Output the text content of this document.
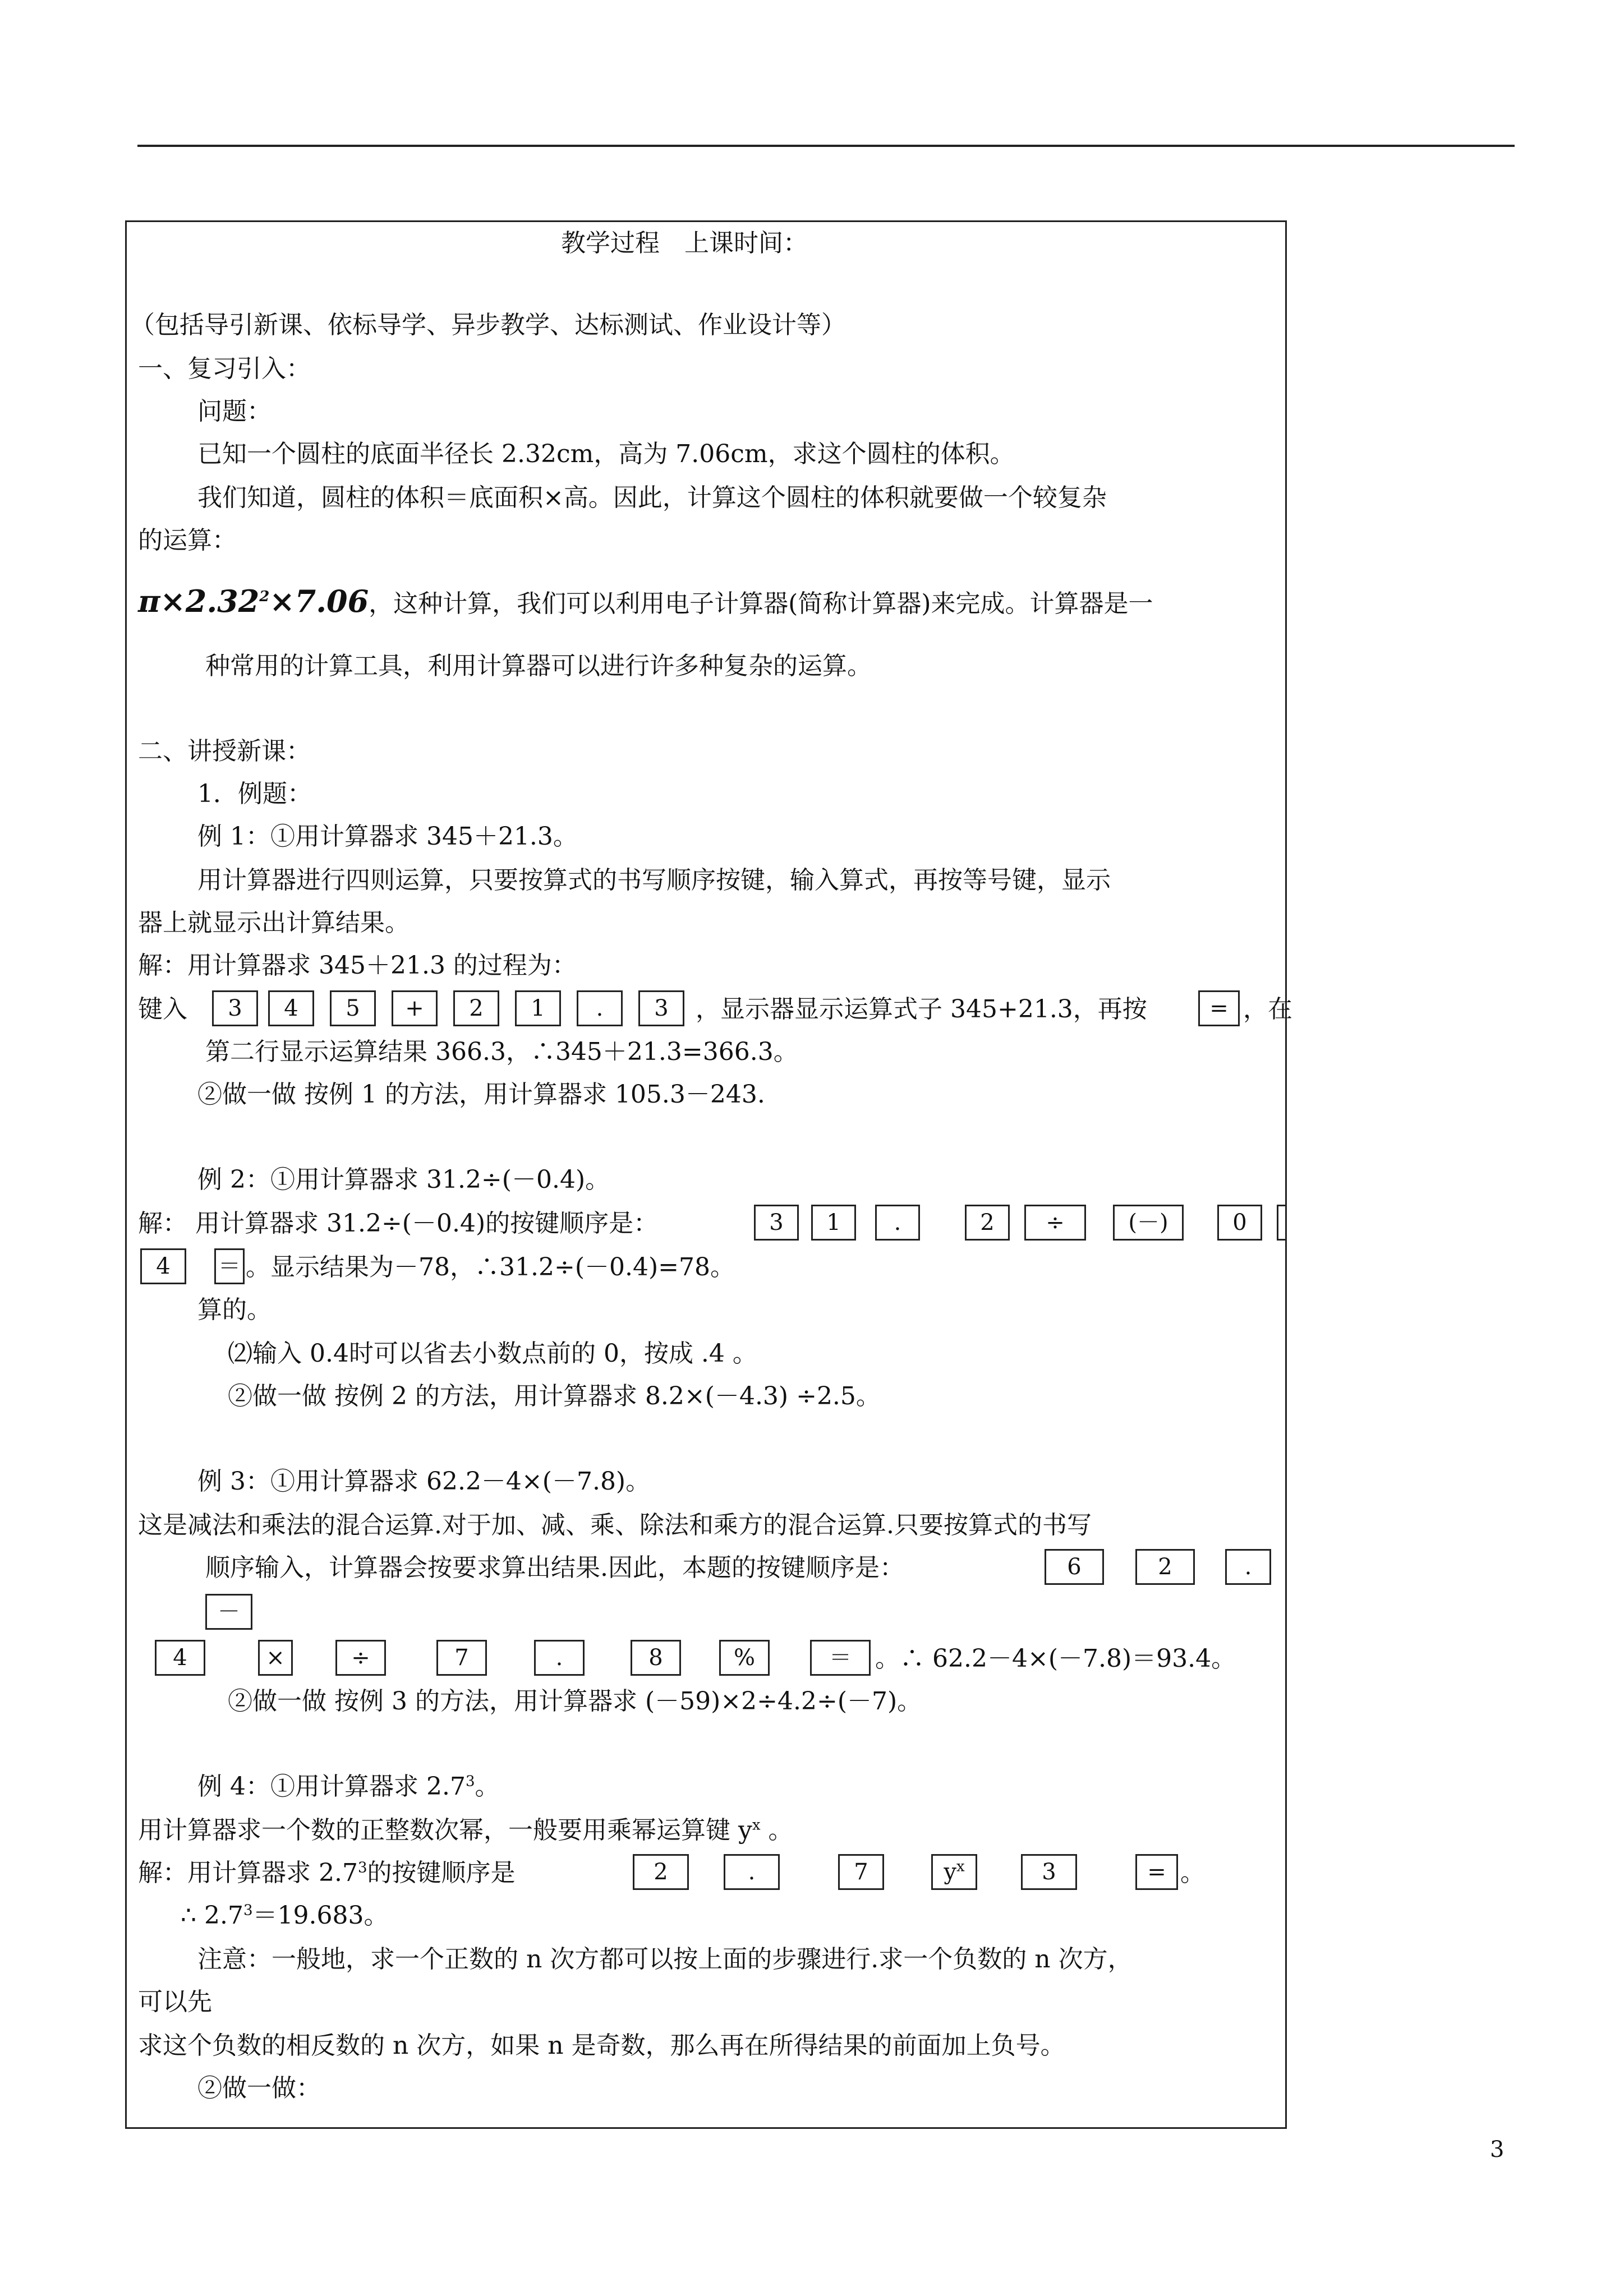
教学过程　上课时间：
（包括导引新课、依标导学、异步教学、达标测试、作业设计等）
一、复习引入：
问题：
已知一个圆柱的底面半径长 2.32cm，高为 7.06cm，求这个圆柱的体积。
我们知道，圆柱的体积＝底面积×高。因此，计算这个圆柱的体积就要做一个较复杂
的运算：
$\pi\times 2.32^2\times 7.06$，这种计算，我们可以利用电子计算器(简称计算器)来完成。计算器是一
种常用的计算工具，利用计算器可以进行许多种复杂的运算。
二、讲授新课：
1．例题：
例 1：①用计算器求 345＋21.3。
用计算器进行四则运算，只要按算式的书写顺序按键，输入算式，再按等号键，显示
器上就显示出计算结果。
解：用计算器求 345＋21.3 的过程为：
键入	3	4	5	+	2	1	.	3	，显示器显示运算式子 345+21.3，再按	= ，在
第二行显示运算结果 366.3，∴345＋21.3=366.3。
②做一做 按例 1 的方法，用计算器求 105.3－243.
例 2：①用计算器求 31.2÷(－0.4)。
解： 用计算器求 31.2÷(－0.4)的按键顺序是：	3	1	.	2	÷	(－)	0
4	＝ 。显示结果为－78，∴31.2÷(－0.4)=78。
算的。
⑵输入 0.4时可以省去小数点前的 0，按成 .4 。
②做一做 按例 2 的方法，用计算器求 8.2×(－4.3) ÷2.5。
例 3：①用计算器求 62.2－4×(－7.8)。
这是减法和乘法的混合运算.对于加、减、乘、除法和乘方的混合运算.只要按算式的书写
顺序输入，计算器会按要求算出结果.因此，本题的按键顺序是：	6	2	.
－
4	×	÷	7	.	8	%	＝ 。∴ 62.2－4×(－7.8)＝93.4。
②做一做 按例 3 的方法，用计算器求 (－59)×2÷4.2÷(－7)。
例 4：①用计算器求 $2.7^3$。
用计算器求一个数的正整数次幂，一般要用乘幂运算键 $y^x$ 。
解：用计算器求 $2.7^3$的按键顺序是	2	.	7	$y^x$	3	= 。
∴ $2.7^3=19.683$。
注意：一般地，求一个正数的 n 次方都可以按上面的步骤进行.求一个负数的 n 次方，
可以先
求这个负数的相反数的 n 次方，如果 n 是奇数，那么再在所得结果的前面加上负号。
②做一做：
3
